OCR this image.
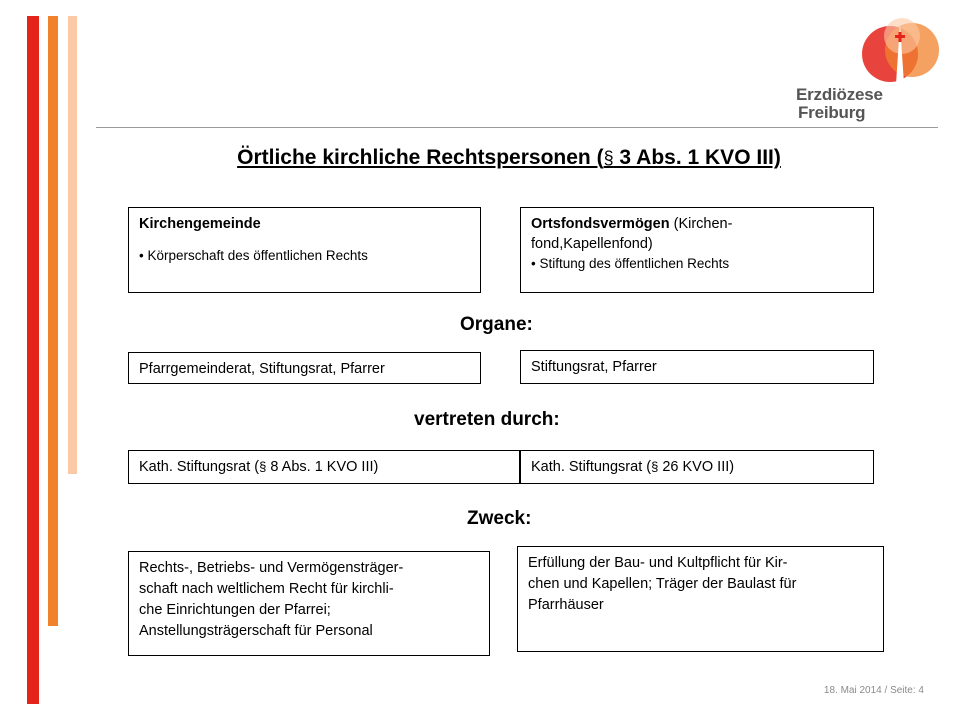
Erzdiözese
Freiburg
Örtliche kirchliche Rechtspersonen (§ 3 Abs. 1 KVO III)
Kirchengemeinde
• Körperschaft des öffentlichen Rechts
Ortsfondsvermögen (Kirchen-
fond,Kapellenfond)
• Stiftung des öffentlichen Rechts
Organe:
Pfarrgemeinderat, Stiftungsrat, Pfarrer	Stiftungsrat, Pfarrer
vertreten durch:
Kath. Stiftungsrat (§ 8 Abs. 1 KVO III)	Kath. Stiftungsrat (§ 26 KVO III)
Zweck:
Rechts-, Betriebs- und Vermögensträger-
schaft nach weltlichem Recht für kirchli-
che Einrichtungen der Pfarrei;
Anstellungsträgerschaft für Personal
Erfüllung der Bau- und Kultpflicht für Kir-
chen und Kapellen; Träger der Baulast für
Pfarrhäuser
18. Mai 2014 / Seite: 4
